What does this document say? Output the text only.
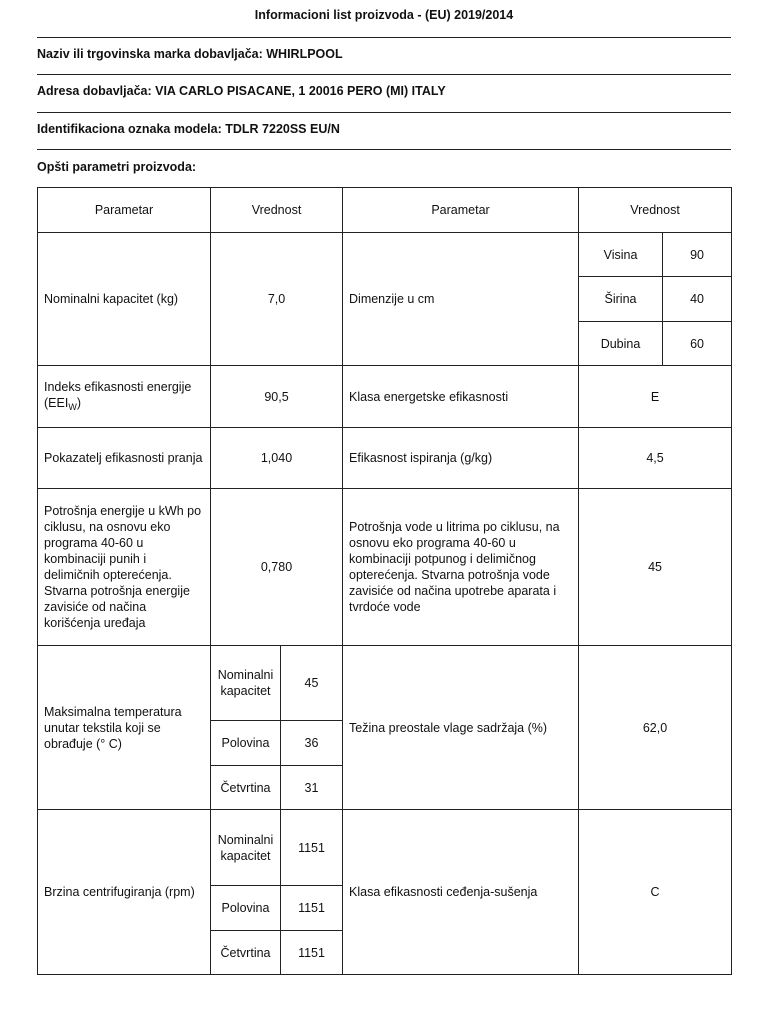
Informacioni list proizvoda - (EU) 2019/2014
Naziv ili trgovinska marka dobavljača: WHIRLPOOL
Adresa dobavljača: VIA CARLO PISACANE, 1 20016 PERO (MI) ITALY
Identifikaciona oznaka modela: TDLR 7220SS EU/N
Opšti parametri proizvoda:
Parametar	Vrednost		Parametar	Vrednost	
Nominalni kapacitet (kg)	7,0		Dimenzije u cm	Visina	90
				Širina	40
				Dubina	60
Indeks efikasnosti energije $(EEI_W)$	90,5		Klasa energetske efikasnosti	E	
Pokazatelj efikasnosti pranja	1,040		Efikasnost ispiranja (g/kg)	4,5	
Potrošnja energije u kWh po ciklusu, na osnovu eko programa 40-60 u kombinaciji punih i delimičnih opterećenja. Stvarna potrošnja energije zavisiće od načina korišćenja uređaja	0,780		Potrošnja vode u litrima po ciklusu, na osnovu eko programa 40-60 u kombinaciji potpunog i delimičnog opterećenja. Stvarna potrošnja vode zavisiće od načina upotrebe aparata i tvrdoće vode	45	
Maksimalna temperatura unutar tekstila koji se obrađuje (° C)	Nominalni kapacitet	45	Težina preostale vlage sadržaja (%)	62,0	
	Polovina	36			
	Četvrtina	31			
Brzina centrifugiranja (rpm)	Nominalni kapacitet	1151	Klasa efikasnosti ceđenja-sušenja	C	
	Polovina	1151			
	Četvrtina	1151			
